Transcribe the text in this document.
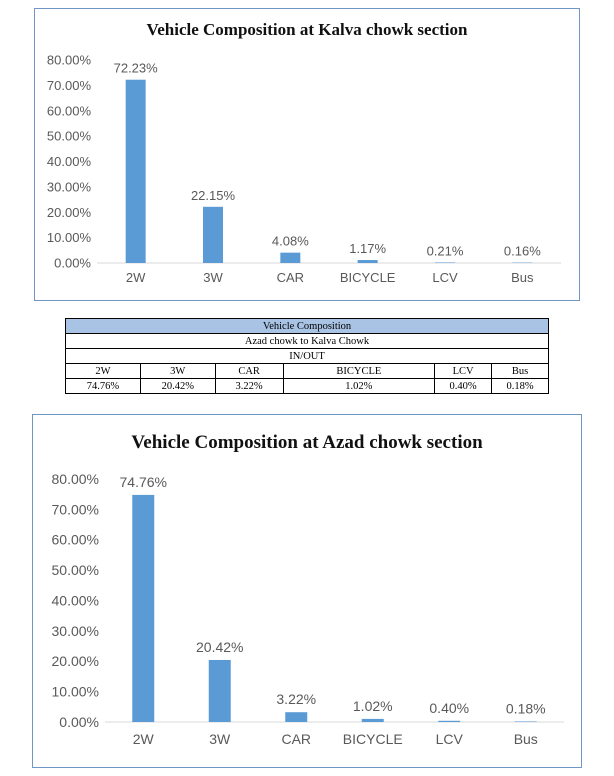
Vehicle Composition at Kalva chowk section
0.00%
10.00%
20.00%
30.00%
40.00%
50.00%
60.00%
70.00%
80.00%
72.23%
2W
22.15%
3W
4.08%
CAR
1.17%
BICYCLE
0.21%
LCV
0.16%
Bus
Vehicle Composition					
Azad chowk to Kalva Chowk					
IN/OUT					
2W	3W	CAR	BICYCLE	LCV	Bus
74.76%	20.42%	3.22%	1.02%	0.40%	0.18%
Vehicle Composition at Azad chowk section
0.00%
10.00%
20.00%
30.00%
40.00%
50.00%
60.00%
70.00%
80.00% 74.76%
2W
20.42%
3W
3.22%
CAR
1.02%
BICYCLE
0.40%
LCV
0.18%
Bus
